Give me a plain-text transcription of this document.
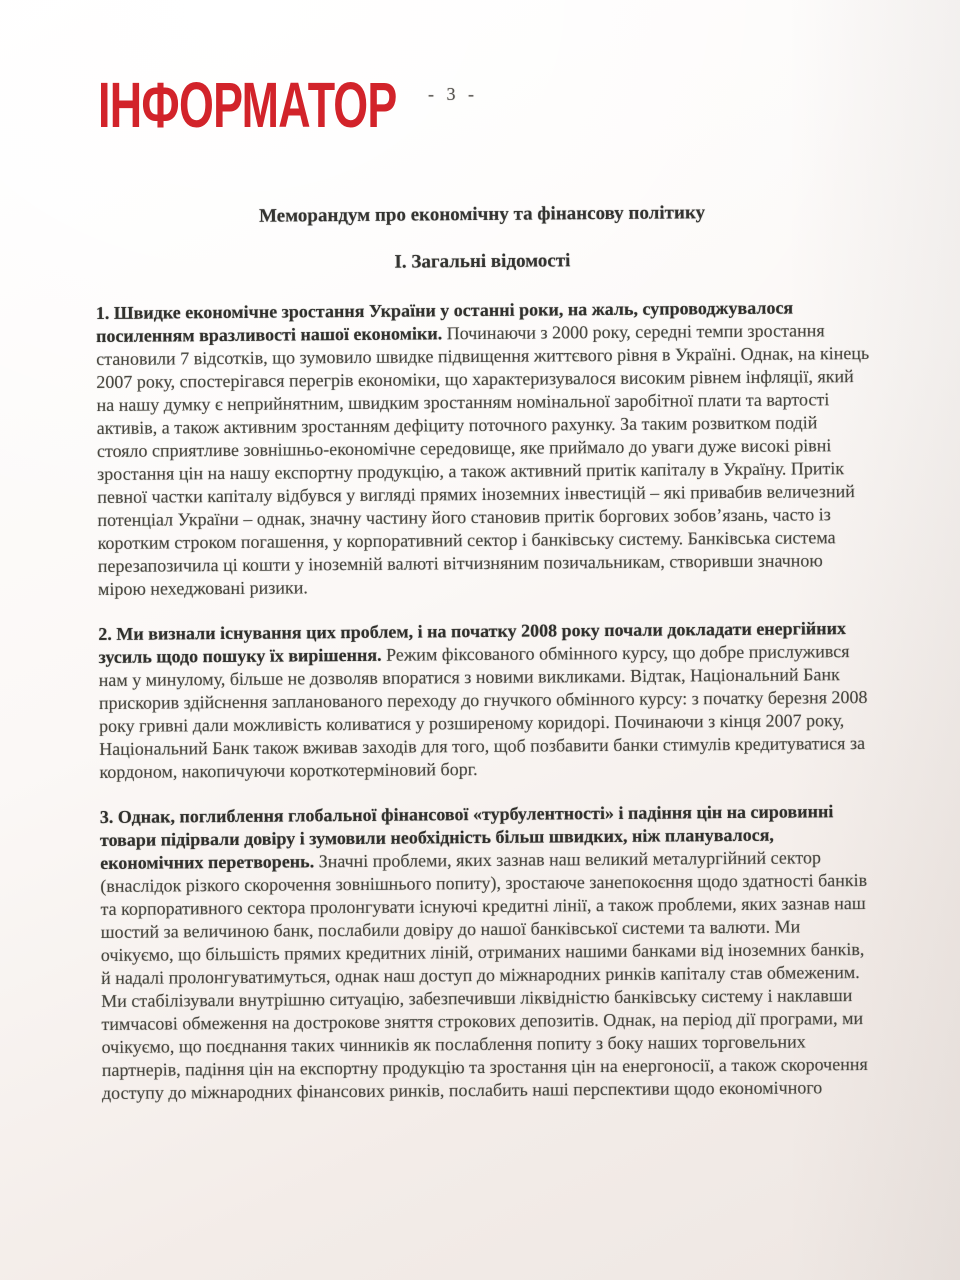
ІНФОРМАТОР	- 3 -
Меморандум про економічну та фінансову політику
І. Загальні відомості

1. Швидке економічне зростання України у останні роки, на жаль, супроводжувалося посиленням вразливості нашої економіки. Починаючи з 2000 року, середні темпи зростання становили 7 відсотків, що зумовило швидке підвищення життєвого рівня в Україні. Однак, на кінець 2007 року, спостерігався перегрів економіки, що характеризувалося високим рівнем інфляції, який на нашу думку є неприйнятним, швидким зростанням номінальної заробітної плати та вартості активів, а також активним зростанням дефіциту поточного рахунку. За таким розвитком подій стояло сприятливе зовнішньо-економічне середовище, яке приймало до уваги дуже високі рівні зростання цін на нашу експортну продукцію, а також активний притік капіталу в Україну. Притік певної частки капіталу відбувся у вигляді прямих іноземних інвестицій – які привабив величезний потенціал України – однак, значну частину його становив притік боргових зобов’язань, часто із коротким строком погашення, у корпоративний сектор і банківську систему. Банківська система перезапозичила ці кошти у іноземній валюті вітчизняним позичальникам, створивши значною мірою нехеджовані ризики.

2. Ми визнали існування цих проблем, і на початку 2008 року почали докладати енергійних зусиль щодо пошуку їх вирішення. Режим фіксованого обмінного курсу, що добре прислужився нам у минулому, більше не дозволяв впоратися з новими викликами. Відтак, Національний Банк прискорив здійснення запланованого переходу до гнучкого обмінного курсу: з початку березня 2008 року гривні дали можливість коливатися у розширеному коридорі. Починаючи з кінця 2007 року, Національний Банк також вживав заходів для того, щоб позбавити банки стимулів кредитуватися за кордоном, накопичуючи короткотерміновий борг.

3. Однак, поглиблення глобальної фінансової «турбулентності» і падіння цін на сировинні товари підірвали довіру і зумовили необхідність більш швидких, ніж планувалося, економічних перетворень. Значні проблеми, яких зазнав наш великий металургійний сектор (внаслідок різкого скорочення зовнішнього попиту), зростаюче занепокоєння щодо здатності банків та корпоративного сектора пролонгувати існуючі кредитні лінії, а також проблеми, яких зазнав наш шостий за величиною банк, послабили довіру до нашої банківської системи та валюти. Ми очікуємо, що більшість прямих кредитних ліній, отриманих нашими банками від іноземних банків, й надалі пролонгуватимуться, однак наш доступ до міжнародних ринків капіталу став обмеженим. Ми стабілізували внутрішню ситуацію, забезпечивши ліквідністю банківську систему і наклавши тимчасові обмеження на дострокове зняття строкових депозитів. Однак, на період дії програми, ми очікуємо, що поєднання таких чинників як послаблення попиту з боку наших торговельних партнерів, падіння цін на експортну продукцію та зростання цін на енергоносії, а також скорочення доступу до міжнародних фінансових ринків, послабить наші перспективи щодо економічного
